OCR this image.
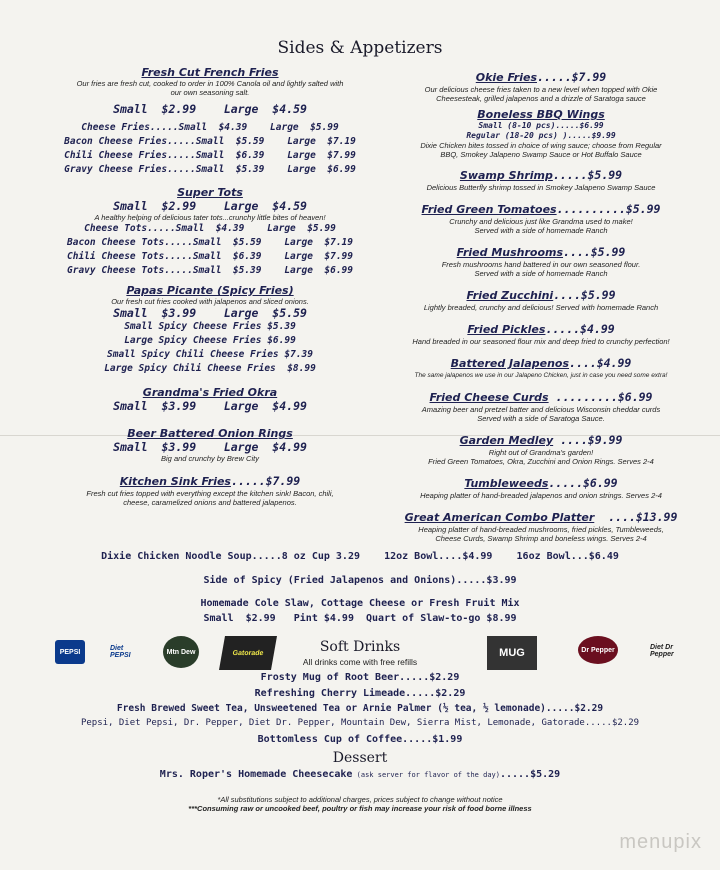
Sides & Appetizers
Fresh Cut French Fries
Our fries are fresh cut, cooked to order in 100% Canola oil and lightly salted with
our own seasoning salt.
Small  $2.99    Large  $4.59
Cheese Fries.....Small  $4.39    Large  $5.99
Bacon Cheese Fries.....Small  $5.59    Large  $7.19
Chili Cheese Fries.....Small  $6.39    Large  $7.99
Gravy Cheese Fries.....Small  $5.39    Large  $6.99
Super Tots
Small  $2.99    Large  $4.59
A healthy helping of delicious tater tots...crunchy little bites of heaven!
Cheese Tots.....Small  $4.39    Large  $5.99
Bacon Cheese Tots.....Small  $5.59    Large  $7.19
Chili Cheese Tots.....Small  $6.39    Large  $7.99
Gravy Cheese Tots.....Small  $5.39    Large  $6.99
Papas Picante (Spicy Fries)
Our fresh cut fries cooked with jalapenos and sliced onions.
Small  $3.99    Large  $5.59
Small Spicy Cheese Fries $5.39
Large Spicy Cheese Fries $6.99
Small Spicy Chili Cheese Fries $7.39
Large Spicy Chili Cheese Fries  $8.99
Grandma's Fried Okra
Small  $3.99    Large  $4.99
Beer Battered Onion Rings
Small  $3.99    Large  $4.99
Big and crunchy by Brew City
Kitchen Sink Fries.....$7.99
Fresh cut fries topped with everything except the kitchen sink! Bacon, chili,
cheese, caramelized onions and battered jalapenos.
Okie Fries.....$7.99
Our delicious cheese fries taken to a new level when topped with Okie
Cheesesteak, grilled jalapenos and a drizzle of Saratoga sauce
Boneless BBQ Wings
Small (8-10 pcs).....$6.99
Regular (18-20 pcs) ).....$9.99
Dixie Chicken bites tossed in choice of wing sauce; choose from Regular
BBQ, Smokey Jalapeno Swamp Sauce or Hot Buffalo Sauce
Swamp Shrimp.....$5.99
Delicious Butterfly shrimp tossed in Smokey Jalapeno Swamp Sauce
Fried Green Tomatoes..........$5.99
Crunchy and delicious just like Grandma used to make!
Served with a side of homemade Ranch
Fried Mushrooms....$5.99
Fresh mushrooms hand battered in our own seasoned flour.
Served with a side of homemade Ranch
Fried Zucchini....$5.99
Lightly breaded, crunchy and delicious! Served with homemade Ranch
Fried Pickles.....$4.99
Hand breaded in our seasoned flour mix and deep fried to crunchy perfection!
Battered Jalapenos....$4.99
The same jalapenos we use in our Jalapeno Chicken, just in case you need some extra!
Fried Cheese Curds .........$6.99
Amazing beer and pretzel batter and delicious Wisconsin cheddar curds
Served with a side of Saratoga Sauce.
Garden Medley ....$9.99
Right out of Grandma's garden!
Fried Green Tomatoes, Okra, Zucchini and Onion Rings. Serves 2-4
Tumbleweeds.....$6.99
Heaping platter of hand-breaded jalapenos and onion strings. Serves 2-4
Great American Combo Platter  ....$13.99
Heaping platter of hand-breaded mushrooms, fried pickles, Tumbleweeds,
Cheese Curds, Swamp Shrimp and boneless wings. Serves 2-4
Dixie Chicken Noodle Soup.....8 oz Cup 3.29    12oz Bowl....$4.99    16oz Bowl...$6.49
Side of Spicy (Fried Jalapenos and Onions).....$3.99
Homemade Cole Slaw, Cottage Cheese or Fresh Fruit Mix
Small  $2.99   Pint $4.99  Quart of Slaw-to-go $8.99
PEPSI	Diet PEPSI	Mtn Dew	Gatorade	MUG	Dr Pepper	Diet Dr Pepper
Soft Drinks
All drinks come with free refills
Frosty Mug of Root Beer.....$2.29
Refreshing Cherry Limeade.....$2.29
Fresh Brewed Sweet Tea, Unsweetened Tea or Arnie Palmer (½ tea, ½ lemonade).....$2.29
Pepsi, Diet Pepsi, Dr. Pepper, Diet Dr. Pepper, Mountain Dew, Sierra Mist, Lemonade, Gatorade.....$2.29
Bottomless Cup of Coffee.....$1.99
Dessert
Mrs. Roper's Homemade Cheesecake (ask server for flavor of the day).....$5.29
*All substitutions subject to additional charges, prices subject to change without notice
***Consuming raw or uncooked beef, poultry or fish may increase your risk of food borne illness
menupix
